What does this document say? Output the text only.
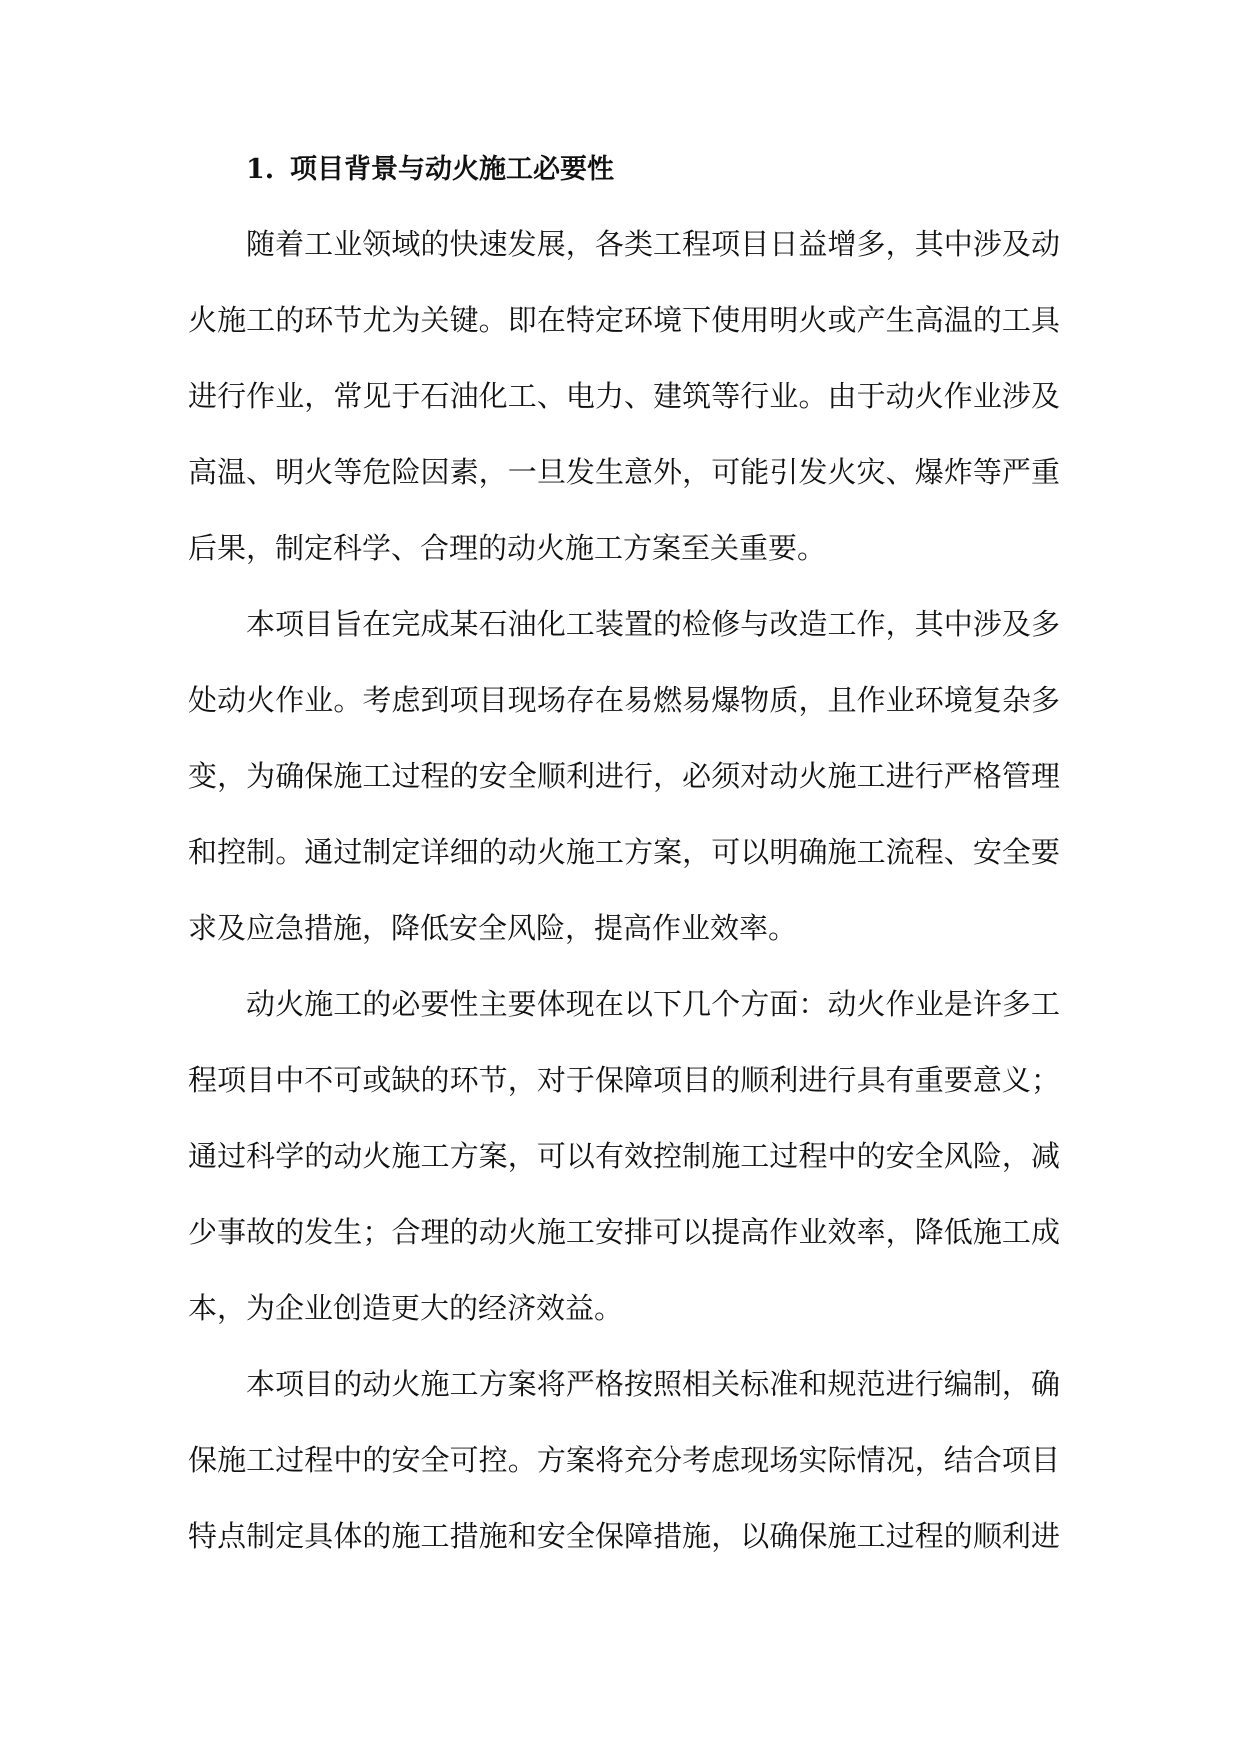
1. 项目背景与动火施工必要性
随着工业领域的快速发展，各类工程项目日益增多，其中涉及动
火施工的环节尤为关键。即在特定环境下使用明火或产生高温的工具
进行作业，常见于石油化工、电力、建筑等行业。由于动火作业涉及
高温、明火等危险因素，一旦发生意外，可能引发火灾、爆炸等严重
后果，制定科学、合理的动火施工方案至关重要。
本项目旨在完成某石油化工装置的检修与改造工作，其中涉及多
处动火作业。考虑到项目现场存在易燃易爆物质，且作业环境复杂多
变，为确保施工过程的安全顺利进行，必须对动火施工进行严格管理
和控制。通过制定详细的动火施工方案，可以明确施工流程、安全要
求及应急措施，降低安全风险，提高作业效率。
动火施工的必要性主要体现在以下几个方面：动火作业是许多工
程项目中不可或缺的环节，对于保障项目的顺利进行具有重要意义；
通过科学的动火施工方案，可以有效控制施工过程中的安全风险，减
少事故的发生；合理的动火施工安排可以提高作业效率，降低施工成
本，为企业创造更大的经济效益。
本项目的动火施工方案将严格按照相关标准和规范进行编制，确
保施工过程中的安全可控。方案将充分考虑现场实际情况，结合项目
特点制定具体的施工措施和安全保障措施，以确保施工过程的顺利进
